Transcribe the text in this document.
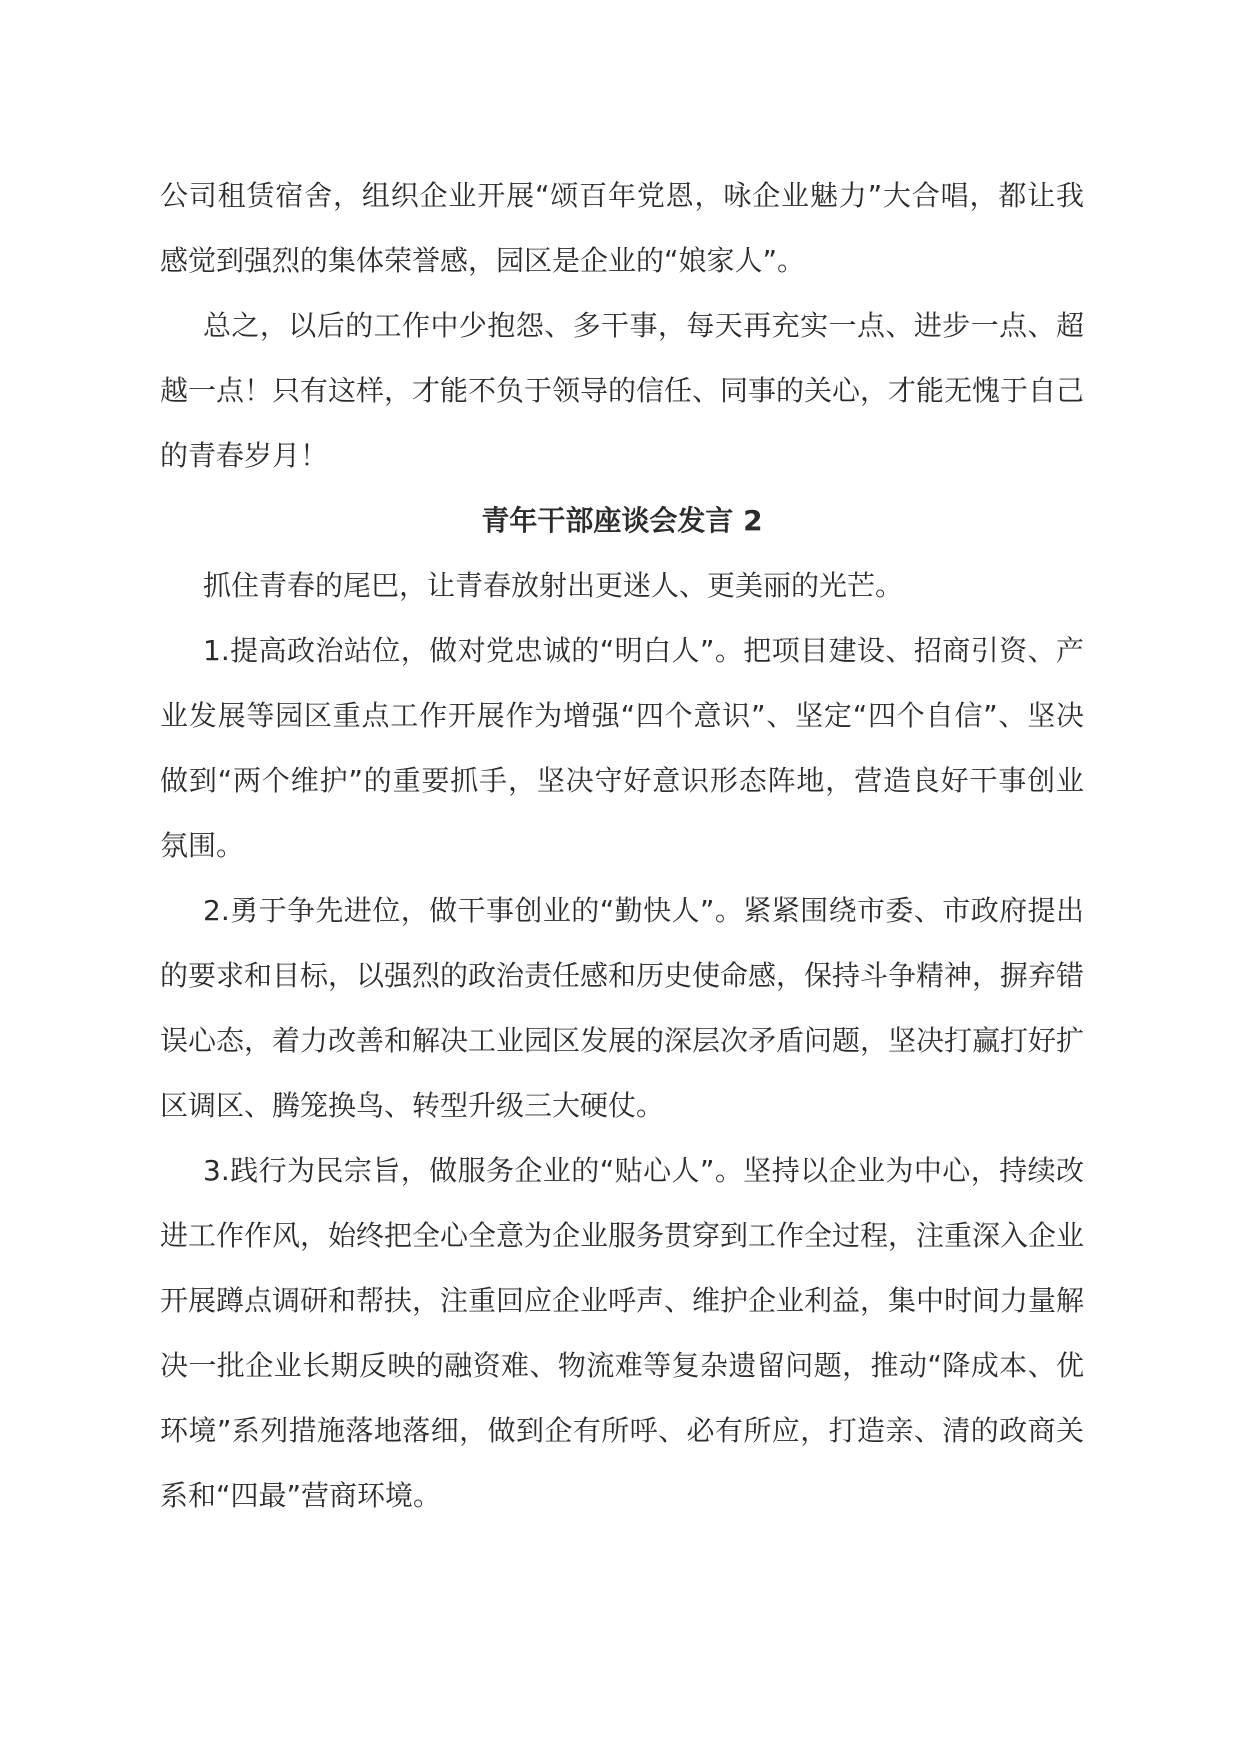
公司租赁宿舍，组织企业开展“颂百年党恩，咏企业魅力”大合唱，都让我感觉到强烈的集体荣誉感，园区是企业的“娘家人”。

总之，以后的工作中少抱怨、多干事，每天再充实一点、进步一点、超越一点！只有这样，才能不负于领导的信任、同事的关心，才能无愧于自己的青春岁月！

青年干部座谈会发言 2

抓住青春的尾巴，让青春放射出更迷人、更美丽的光芒。

1.提高政治站位，做对党忠诚的“明白人”。把项目建设、招商引资、产业发展等园区重点工作开展作为增强“四个意识”、坚定“四个自信”、坚决做到“两个维护”的重要抓手，坚决守好意识形态阵地，营造良好干事创业氛围。

2.勇于争先进位，做干事创业的“勤快人”。紧紧围绕市委、市政府提出的要求和目标，以强烈的政治责任感和历史使命感，保持斗争精神，摒弃错误心态，着力改善和解决工业园区发展的深层次矛盾问题，坚决打赢打好扩区调区、腾笼换鸟、转型升级三大硬仗。

3.践行为民宗旨，做服务企业的“贴心人”。坚持以企业为中心，持续改进工作作风，始终把全心全意为企业服务贯穿到工作全过程，注重深入企业开展蹲点调研和帮扶，注重回应企业呼声、维护企业利益，集中时间力量解决一批企业长期反映的融资难、物流难等复杂遗留问题，推动“降成本、优环境”系列措施落地落细，做到企有所呼、必有所应，打造亲、清的政商关系和“四最”营商环境。
